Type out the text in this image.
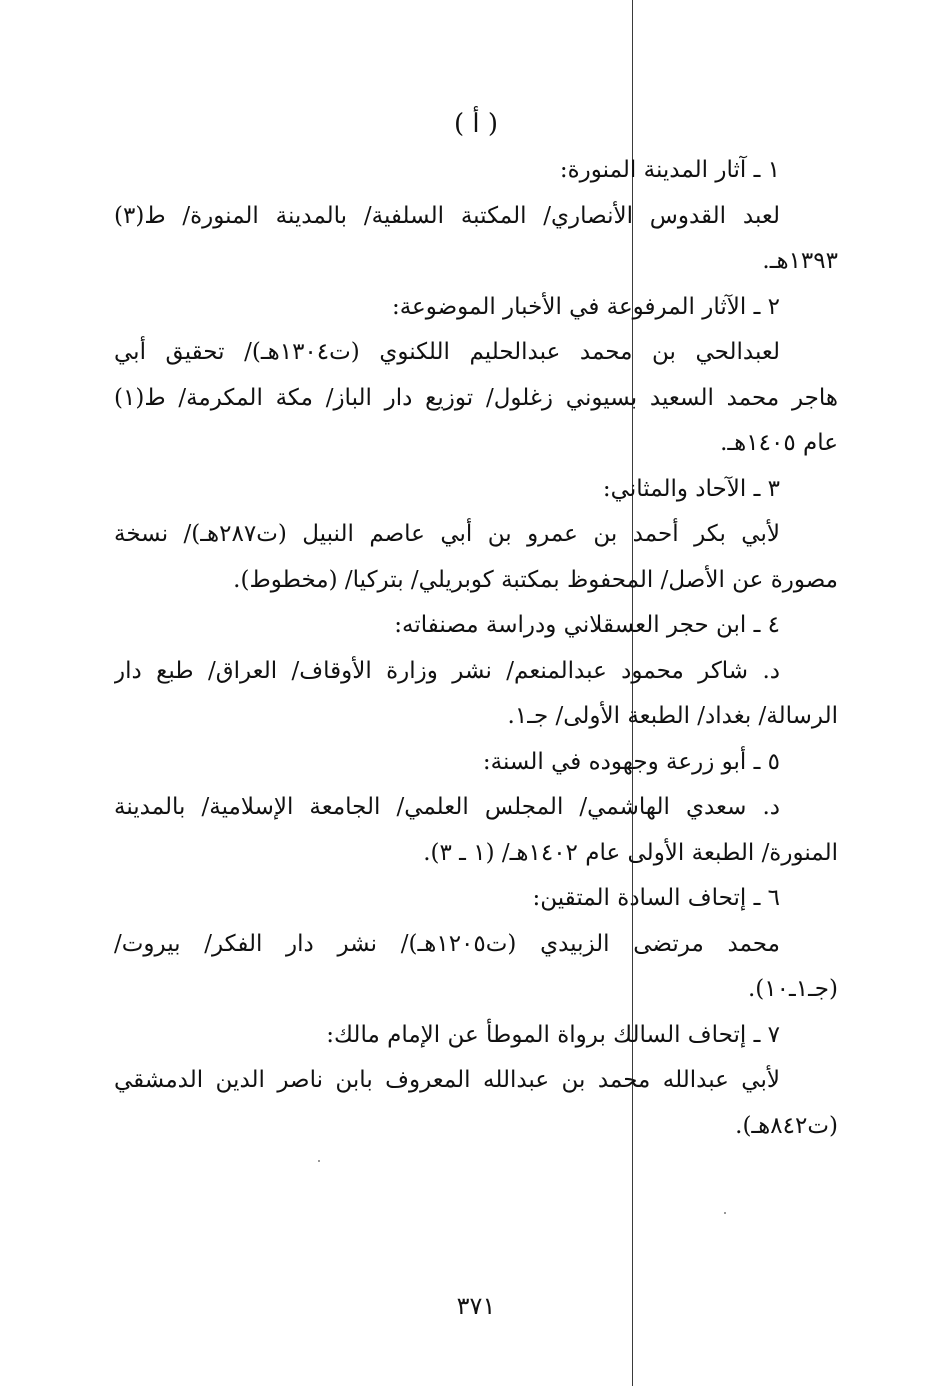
( أ )

١ ـ آثار المدينة المنورة:

لعبد القدوس الأنصاري/ المكتبة السلفية/ بالمدينة المنورة/ ط(٣)
١٣٩٣هـ.

٢ ـ الآثار المرفوعة في الأخبار الموضوعة:

لعبدالحي بن محمد عبدالحليم اللكنوي (ت١٣٠٤هـ)/ تحقيق أبي
هاجر محمد السعيد بسيوني زغلول/ توزيع دار الباز/ مكة المكرمة/ ط(١)
عام ١٤٠٥هـ.

٣ ـ الآحاد والمثاني:

لأبي بكر أحمد بن عمرو بن أبي عاصم النبيل (ت٢٨٧هـ)/ نسخة
مصورة عن الأصل/ المحفوظ بمكتبة كوبريلي/ بتركيا/ (مخطوط).

٤ ـ ابن حجر العسقلاني ودراسة مصنفاته:

د. شاكر محمود عبدالمنعم/ نشر وزارة الأوقاف/ العراق/ طبع دار
الرسالة/ بغداد/ الطبعة الأولى/ جـ١.

٥ ـ أبو زرعة وجهوده في السنة:

د. سعدي الهاشمي/ المجلس العلمي/ الجامعة الإسلامية/ بالمدينة
المنورة/ الطبعة الأولى عام ١٤٠٢هـ/ (١ ـ ٣).

٦ ـ إتحاف السادة المتقين:

محمد مرتضى الزبيدي (ت١٢٠٥هـ)/ نشر دار الفكر/ بيروت/
(جـ١ـ١٠).

٧ ـ إتحاف السالك برواة الموطأ عن الإمام مالك:

لأبي عبدالله محمد بن عبدالله المعروف بابن ناصر الدين الدمشقي
(ت٨٤٢هـ).
٣٧١
